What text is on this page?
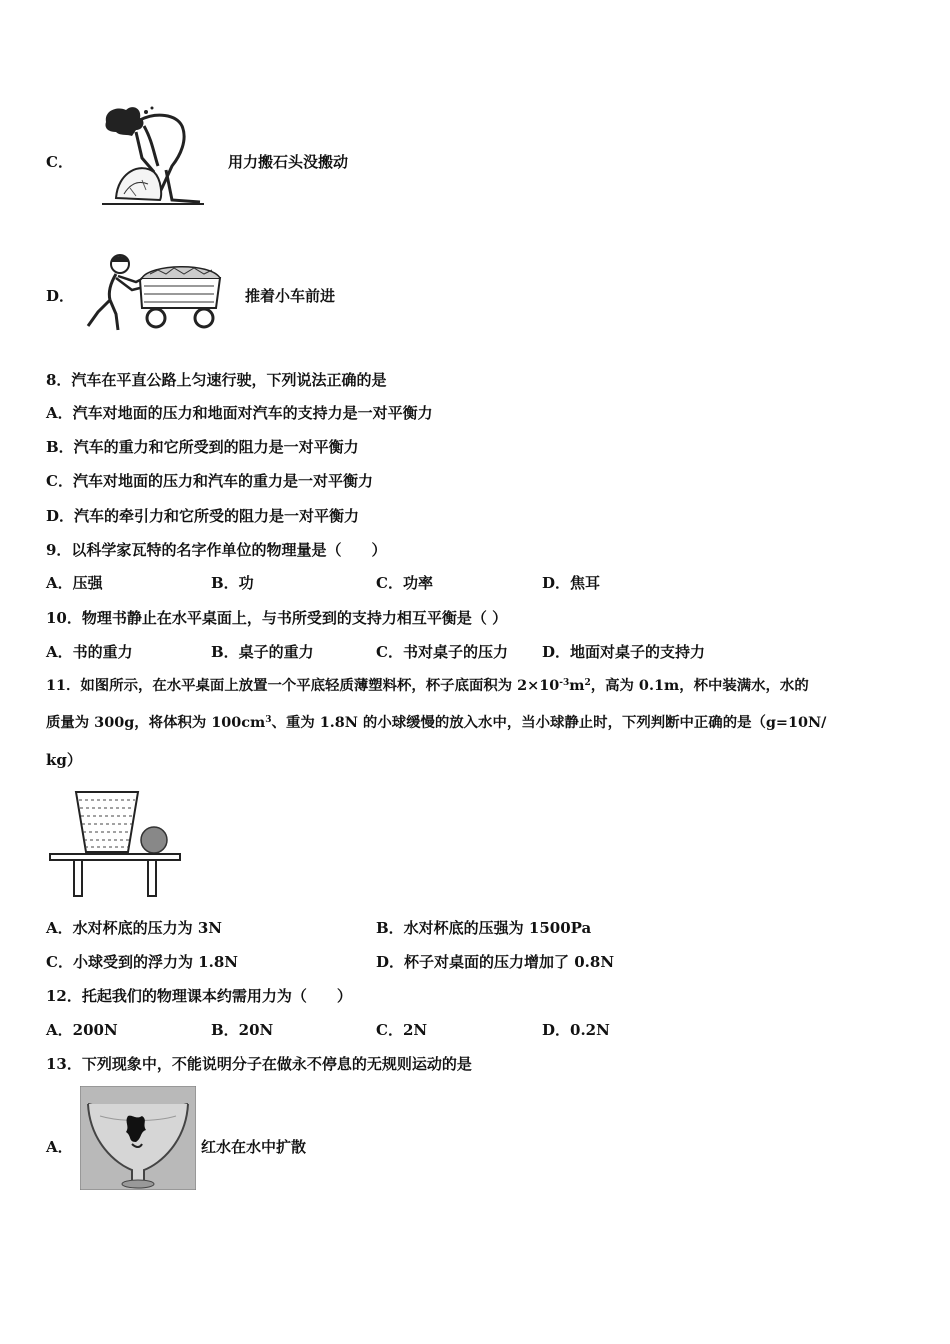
C．	用力搬石头没搬动
D．	推着小车前进
8．汽车在平直公路上匀速行驶，下列说法正确的是
A．汽车对地面的压力和地面对汽车的支持力是一对平衡力
B．汽车的重力和它所受到的阻力是一对平衡力
C．汽车对地面的压力和汽车的重力是一对平衡力
D．汽车的牵引力和它所受的阻力是一对平衡力
9．以科学家瓦特的名字作单位的物理量是（　　）
A．压强	B．功	C．功率	D．焦耳
10．物理书静止在水平桌面上，与书所受到的支持力相互平衡是（ ）
A．书的重力	B．桌子的重力	C．书对桌子的压力 D．地面对桌子的支持力
11．如图所示，在水平桌面上放置一个平底轻质薄塑料杯，杯子底面积为 $2\times 10^{-3}m^2$，高为 0.1m，杯中装满水，水的
质量为 300g，将体积为 $100cm^3$、重为 1.8N 的小球缓慢的放入水中，当小球静止时，下列判断中正确的是（g=10N/
kg）
A．水对杯底的压力为 3N	B．水对杯底的压强为 1500Pa
C．小球受到的浮力为 1.8N	D．杯子对桌面的压力增加了 0.8N
12．托起我们的物理课本约需用力为（　　）
A．200N	B．20N	C．2N	D．0.2N
13．下列现象中，不能说明分子在做永不停息的无规则运动的是
A．	红水在水中扩散
